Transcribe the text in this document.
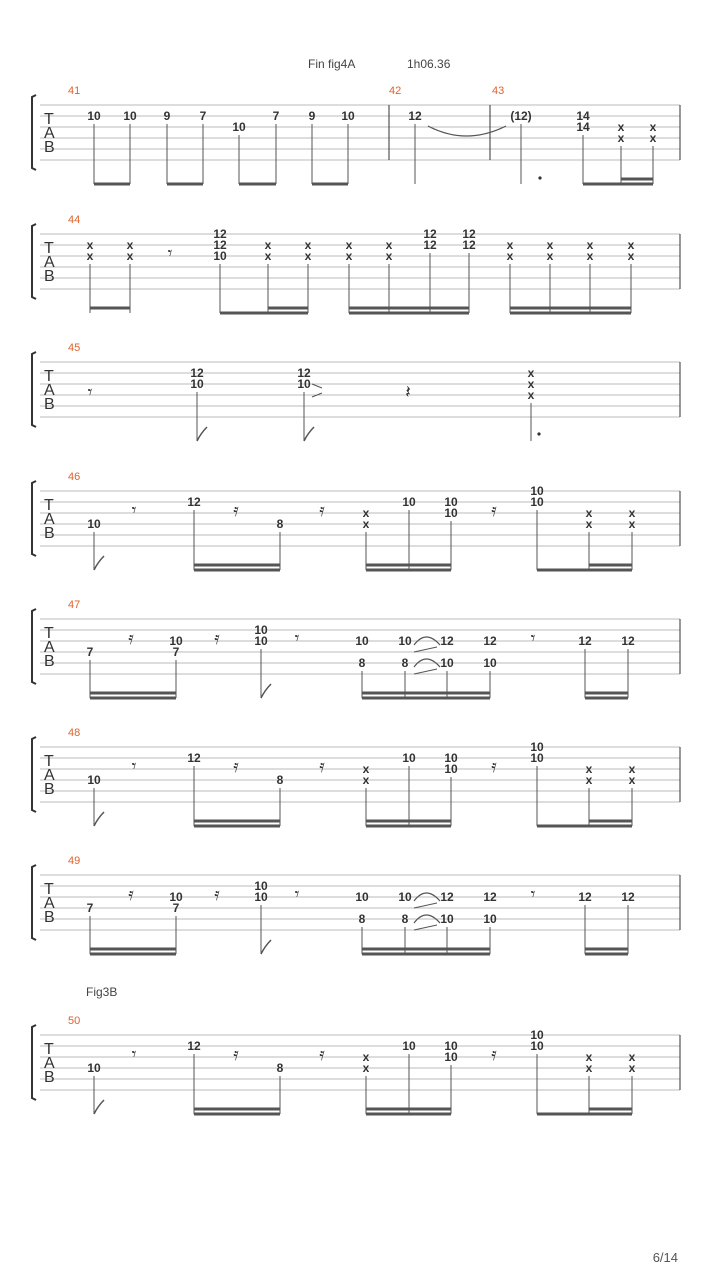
Fin fig4A	1h06.36
Fig3B
6/14
T
A
B
41
10 10 9 7
10
7 9 10
42
12
43
(12)	14
14 x
x
x
x
T
A
B
44
x
x
x
x
12
12
10
x
x
x
x
x
x
x
x
12
12
12
12	x
x
x
x
x
x
x
x
T
A
B
45
12
10
12
10
x
x
x
T
A
B
46
10
12
8
x
x
10 10
10
10
10
x
x
x
x
T
A
B
47
7
10
7
10
10	10
8
10
8
12
10
12
10
12 12
T
A
B
48
10
12
8
x
x
10 10
10
10
10
x
x
x
x
T
A
B
49
7
10
7
10
10	10
8
10
8
12
10
12
10
12 12
T
A
B
50
10
12
8
x
x
10 10
10
10
10
x
x
x
x
𝄾
𝄾	𝄽
𝄾	𝄿	𝄿	𝄿
𝄿	𝄿	𝄾	𝄾
𝄾	𝄿	𝄿	𝄿
𝄿	𝄿	𝄾	𝄾
𝄾	𝄿	𝄿	𝄿
